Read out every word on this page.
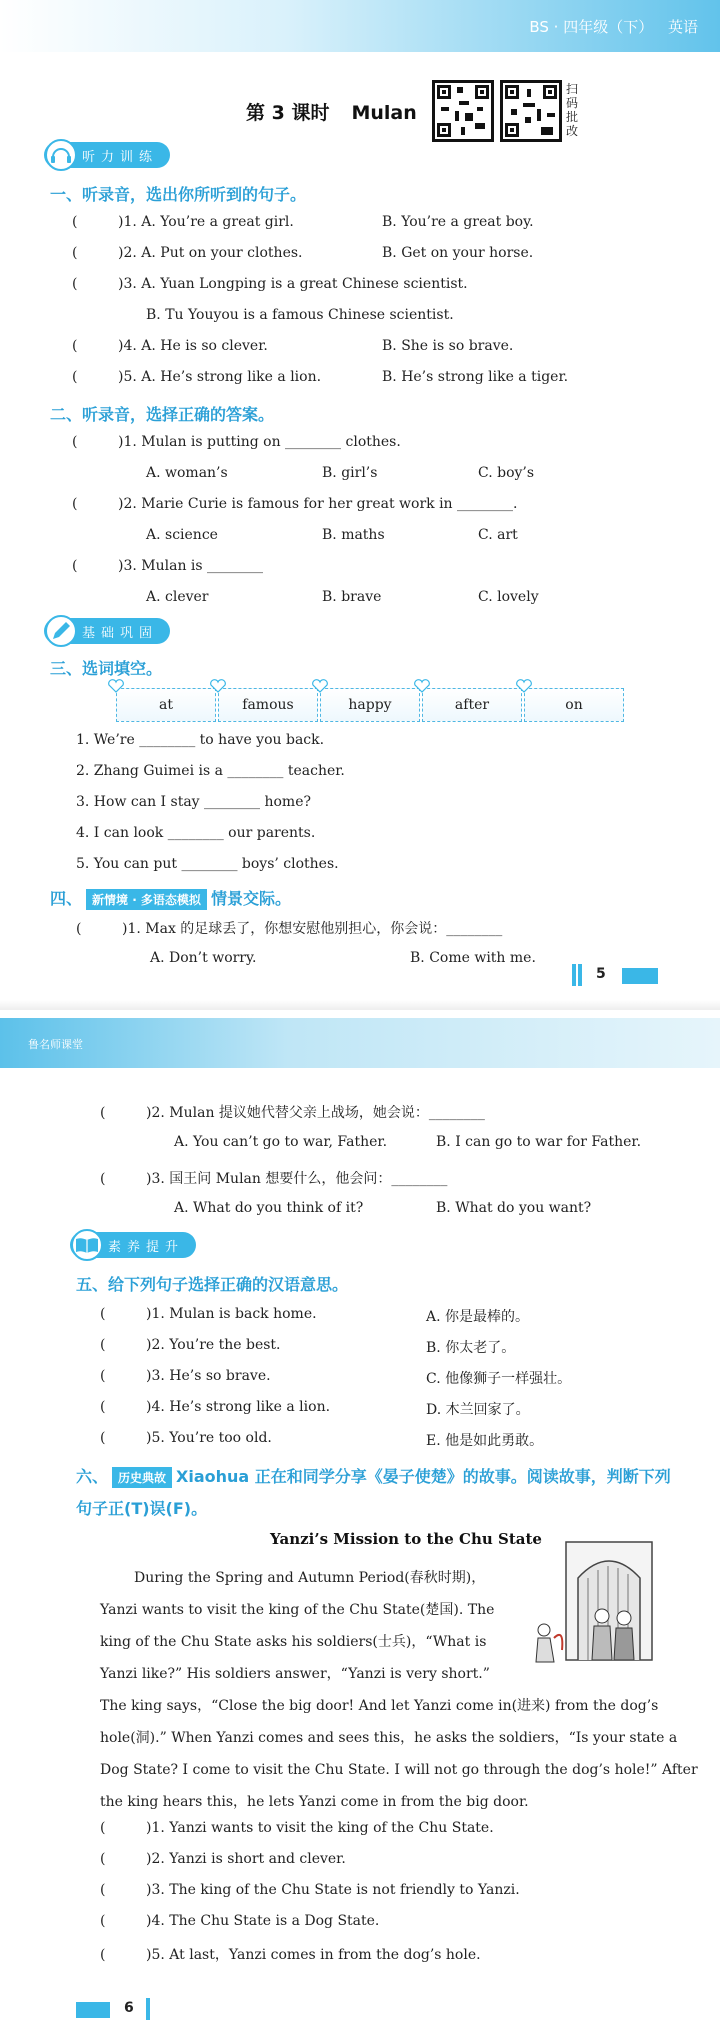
BS · 四年级（下） 英语
第 3 课时 Mulan
扫码批改
听力训练
一、听录音，选出你所听到的句子。
(	)1. A. You’re a great girl.	B. You’re a great boy.
(	)2. A. Put on your clothes.	B. Get on your horse.
(	)3. A. Yuan Longping is a great Chinese scientist.
B. Tu Youyou is a famous Chinese scientist.
(	)4. A. He is so clever.	B. She is so brave.
(	)5. A. He’s strong like a lion.	B. He’s strong like a tiger.
二、听录音，选择正确的答案。
(	)1. Mulan is putting on ________ clothes.
A. woman’s	B. girl’s	C. boy’s
(	)2. Marie Curie is famous for her great work in ________.
A. science	B. maths	C. art
(	)3. Mulan is ________
A. clever	B. brave	C. lovely
基础巩固
三、选词填空。
at	famous	happy	after	on
1. We’re ________ to have you back.
2. Zhang Guimei is a ________ teacher.
3. How can I stay ________ home?
4. I can look ________ our parents.
5. You can put ________ boys’ clothes.
四、 新情境 · 多语态模拟 情景交际。
(	)1. Max 的足球丢了，你想安慰他别担心，你会说：________
A. Don’t worry.	B. Come with me.
5
鲁名师课堂
(	)2. Mulan 提议她代替父亲上战场，她会说：________
A. You can’t go to war, Father.	B. I can go to war for Father.
(	)3. 国王问 Mulan 想要什么，他会问：________
A. What do you think of it?	B. What do you want?
素养提升
五、给下列句子选择正确的汉语意思。
(	)1. Mulan is back home.	A. 你是最棒的。
(	)2. You’re the best.	B. 你太老了。
(	)3. He’s so brave.	C. 他像狮子一样强壮。
(	)4. He’s strong like a lion.	D. 木兰回家了。
(	)5. You’re too old.	E. 他是如此勇敢。
六、 历史典故 Xiaohua 正在和同学分享《晏子使楚》的故事。阅读故事，判断下列
句子正(T)误(F)。
Yanzi’s Mission to the Chu State
During the Spring and Autumn Period(春秋时期)，
Yanzi wants to visit the king of the Chu State(楚国). The
king of the Chu State asks his soldiers(士兵)，“What is
Yanzi like?” His soldiers answer，“Yanzi is very short.”
The king says，“Close the big door! And let Yanzi come in(进来) from the dog’s
hole(洞).” When Yanzi comes and sees this，he asks the soldiers，“Is your state a
Dog State? I come to visit the Chu State. I will not go through the dog’s hole!” After
the king hears this，he lets Yanzi come in from the big door.
(	)1. Yanzi wants to visit the king of the Chu State.
(	)2. Yanzi is short and clever.
(	)3. The king of the Chu State is not friendly to Yanzi.
(	)4. The Chu State is a Dog State.
(	)5. At last，Yanzi comes in from the dog’s hole.
6
